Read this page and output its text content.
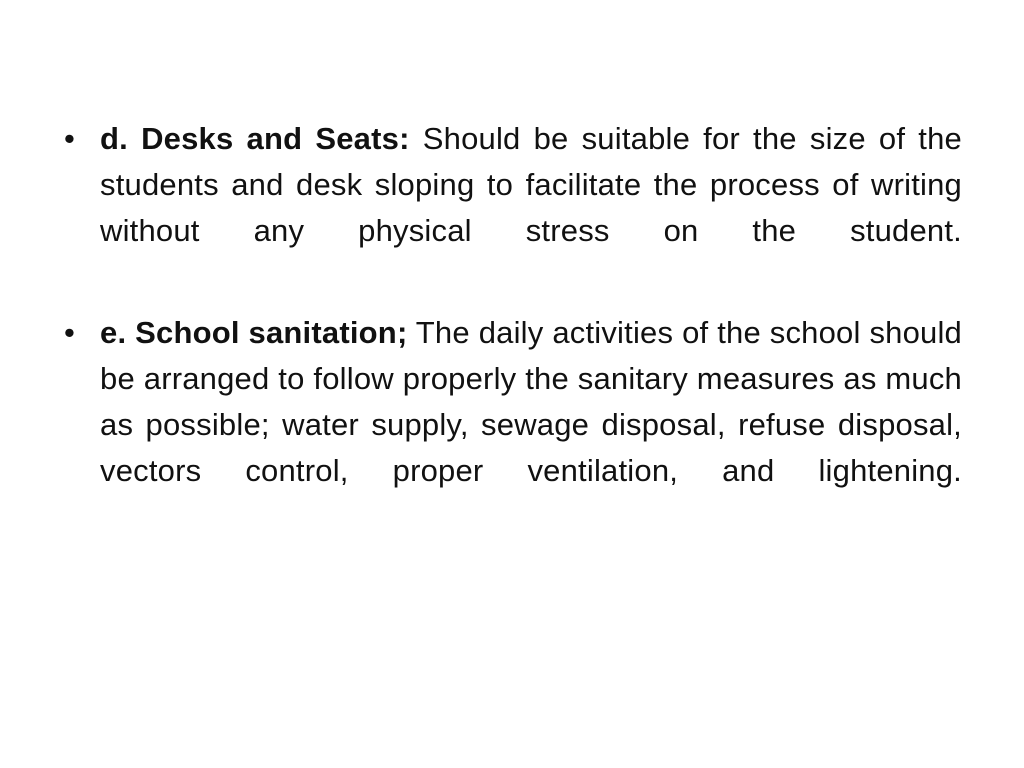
• d. Desks and Seats: Should be suitable for the size of the students and desk sloping to facilitate the process of writing without any physical stress on the student.
• e. School sanitation; The daily activities of the school should be arranged to follow properly the sanitary measures as much as possible; water supply, sewage disposal, refuse disposal, vectors control, proper ventilation, and lightening.
